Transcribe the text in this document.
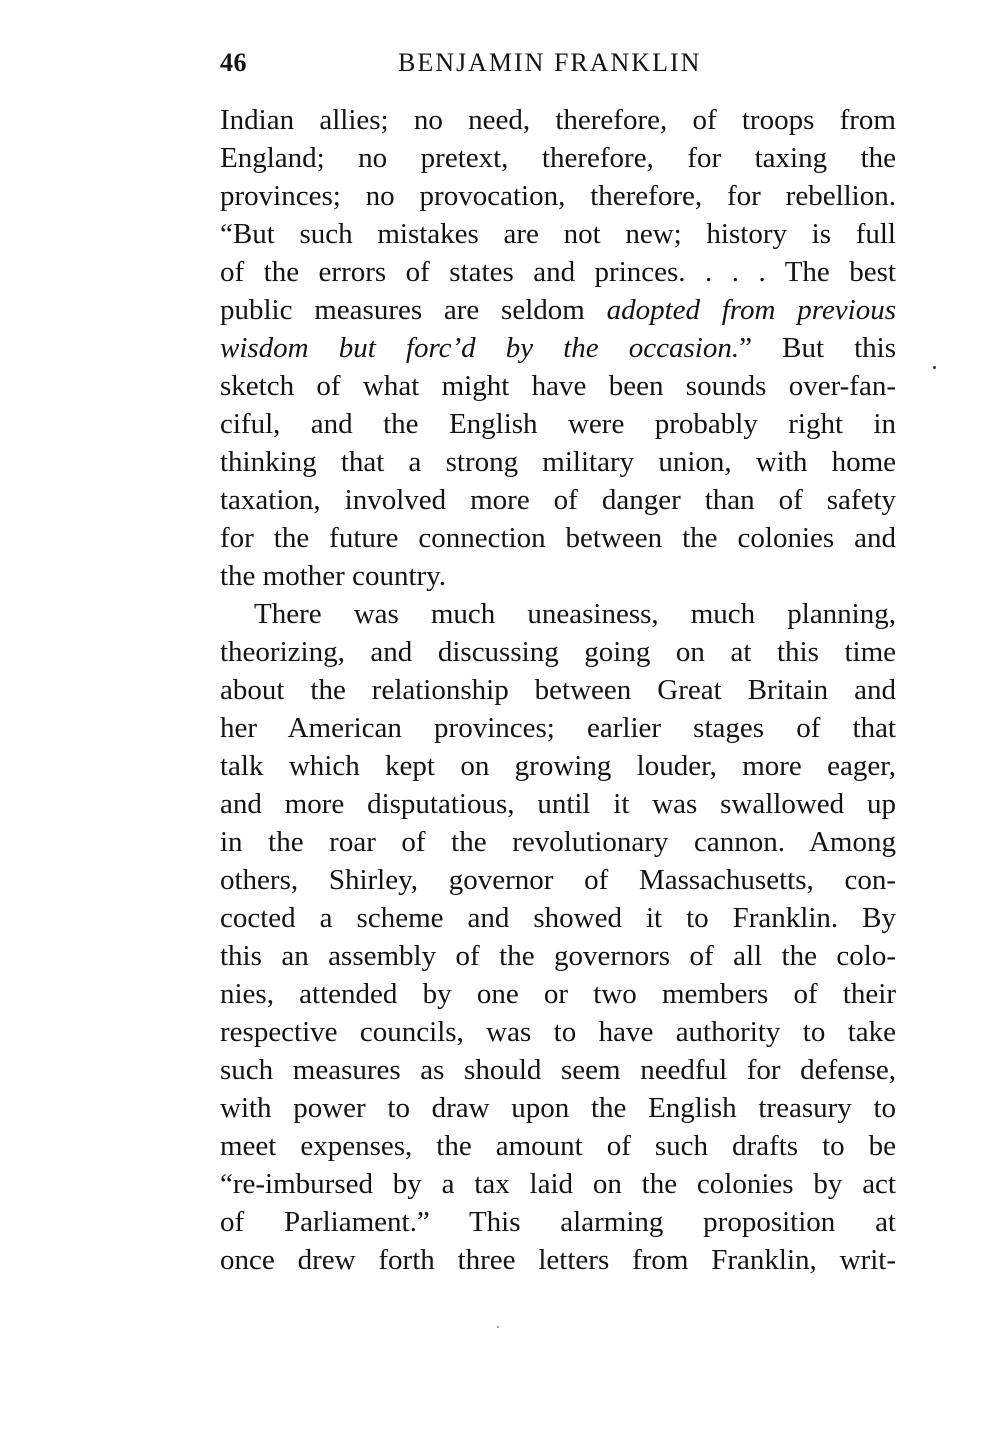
46	BENJAMIN FRANKLIN
Indian allies; no need, therefore, of troops from
England; no pretext, therefore, for taxing the
provinces; no provocation, therefore, for rebellion.
“But such mistakes are not new; history is full
of the errors of states and princes. . . . The best
public measures are seldom adopted from previous
wisdom but forc’d by the occasion.” But this
sketch of what might have been sounds over-fan-
ciful, and the English were probably right in
thinking that a strong military union, with home
taxation, involved more of danger than of safety
for the future connection between the colonies and
the mother country.
There was much uneasiness, much planning,
theorizing, and discussing going on at this time
about the relationship between Great Britain and
her American provinces; earlier stages of that
talk which kept on growing louder, more eager,
and more disputatious, until it was swallowed up
in the roar of the revolutionary cannon. Among
others, Shirley, governor of Massachusetts, con-
cocted a scheme and showed it to Franklin. By
this an assembly of the governors of all the colo-
nies, attended by one or two members of their
respective councils, was to have authority to take
such measures as should seem needful for defense,
with power to draw upon the English treasury to
meet expenses, the amount of such drafts to be
“re-imbursed by a tax laid on the colonies by act
of Parliament.” This alarming proposition at
once drew forth three letters from Franklin, writ-
